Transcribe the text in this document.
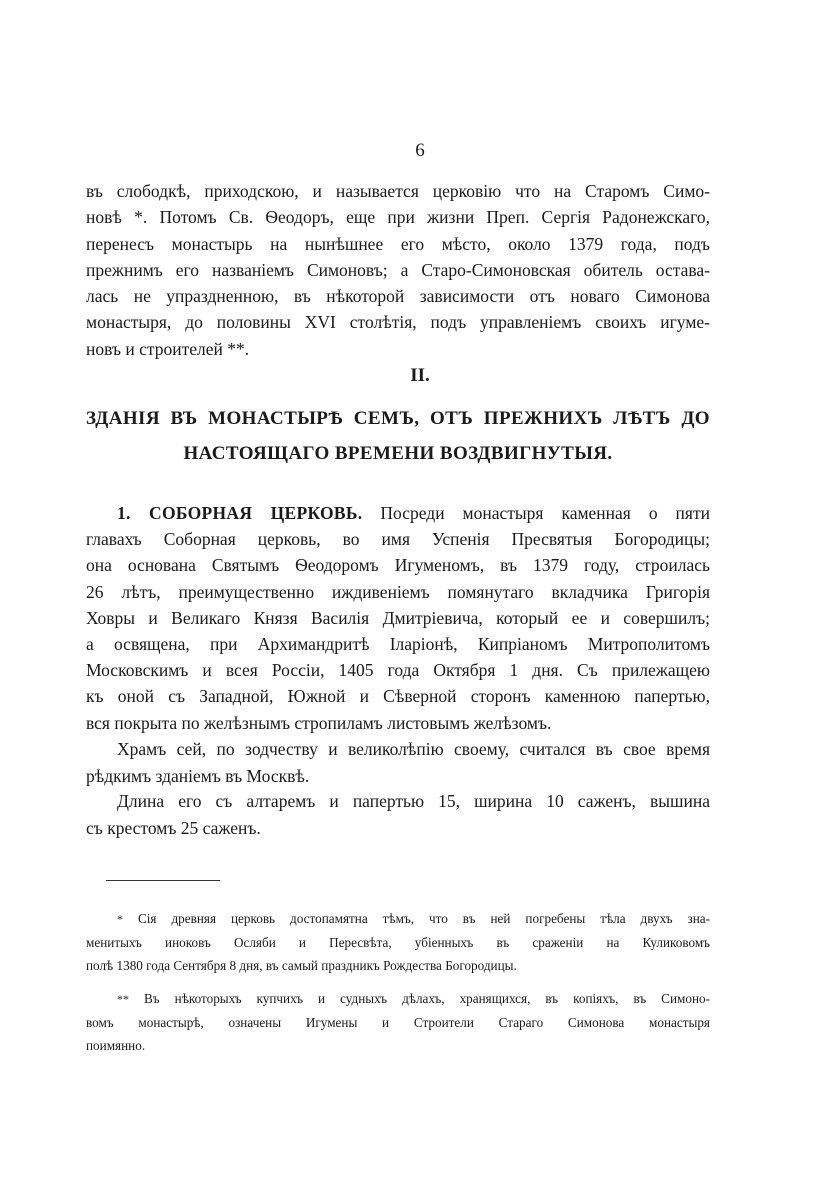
6
въ слободкѣ, приходскою, и называется церковію что на Старомъ Симо-
новѣ *. Потомъ Св. Ѳеодоръ, еще при жизни Преп. Сергія Радонежскаго,
перенесъ монастырь на нынѣшнее его мѣсто, около 1379 года, подъ
прежнимъ его названіемъ Симоновъ; а Старо-Симоновская обитель остава-
лась не упраздненною, въ нѣкоторой зависимости отъ новаго Симонова
монастыря, до половины XVI столѣтія, подъ управленіемъ своихъ игуме-
новъ и строителей **.
II.
ЗДАНІЯ ВЪ МОНАСТЫРѢ СЕМЪ, ОТЪ ПРЕЖНИХЪ ЛѢТЪ ДО
НАСТОЯЩАГО ВРЕМЕНИ ВОЗДВИГНУТЫЯ.
1. СОБОРНАЯ ЦЕРКОВЬ. Посреди монастыря каменная о пяти
главахъ Соборная церковь, во имя Успенія Пресвятыя Богородицы;
она основана Святымъ Ѳеодоромъ Игуменомъ, въ 1379 году, строилась
26 лѣтъ, преимущественно иждивеніемъ помянутаго вкладчика Григорія
Ховры и Великаго Князя Василія Дмитріевича, который ее и совершилъ;
а освящена, при Архимандритѣ Іларіонѣ, Кипріаномъ Митрополитомъ
Московскимъ и всея Россіи, 1405 года Октября 1 дня. Съ прилежащею
къ оной съ Западной, Южной и Сѣверной сторонъ каменною папертью,
вся покрыта по желѣзнымъ стропиламъ листовымъ желѣзомъ.
Храмъ сей, по зодчеству и великолѣпію своему, считался въ свое время
рѣдкимъ зданіемъ въ Москвѣ.
Длина его съ алтаремъ и папертью 15, ширина 10 саженъ, вышина
съ крестомъ 25 саженъ.
* Сія древняя церковь достопамятна тѣмъ, что въ ней погребены тѣла двухъ зна-
менитыхъ иноковъ Осляби и Пересвѣта, убіенныхъ въ сраженіи на Куликовомъ
полѣ 1380 года Сентября 8 дня, въ самый праздникъ Рождества Богородицы.
** Въ нѣкоторыхъ купчихъ и судныхъ дѣлахъ, хранящихся, въ копіяхъ, въ Симоно-
вомъ монастырѣ, означены Игумены и Строители Стараго Симонова монастыря
поимянно.
